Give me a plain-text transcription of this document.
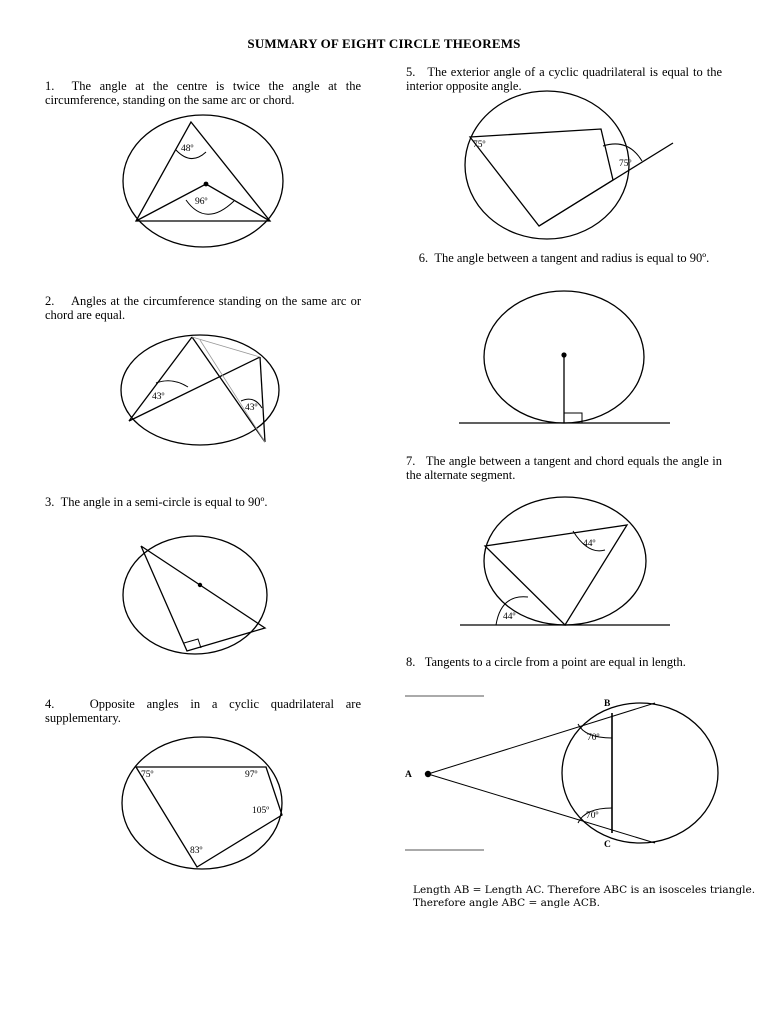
SUMMARY OF EIGHT CIRCLE THEOREMS
1.  The angle at the centre is twice the angle at the circumference, standing on the same arc or chord.
2.    Angles at the circumference standing on the same arc or chord are equal.
3.  The angle in a semi-circle is equal to 90º.
4.   Opposite angles in a cyclic quadrilateral are supplementary.
5.   The exterior angle of a cyclic quadrilateral is equal to the interior opposite angle.
6.  The angle between a tangent and radius is equal to 90º.
7.   The angle between a tangent and chord equals the angle in the alternate segment.
8.   Tangents to a circle from a point are equal in length.
48º
96º
43º
43º
75º	97º
105º
83º
75º
75º
44º
44º
70º
70º
A
B
C
Length AB = Length AC. Therefore ABC is an isosceles triangle.
Therefore angle ABC = angle ACB.
